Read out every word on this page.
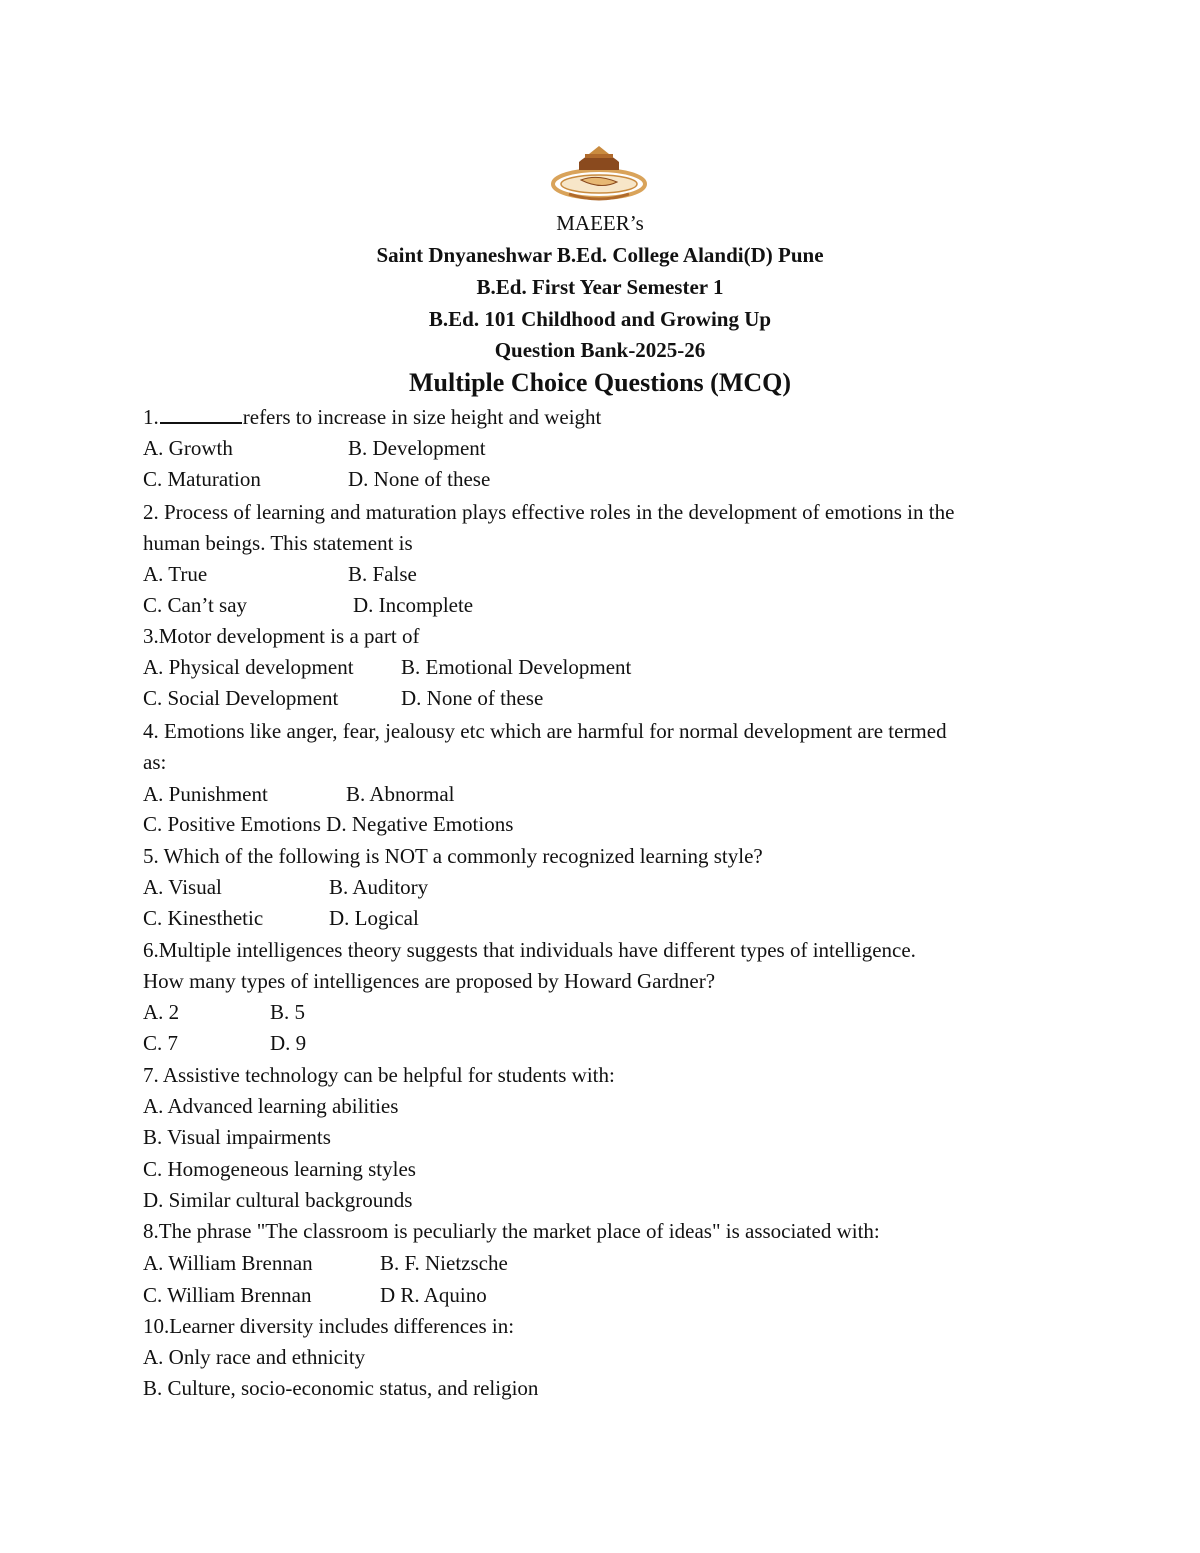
MAEER’s
Saint Dnyaneshwar B.Ed. College Alandi(D) Pune
B.Ed. First Year Semester 1
B.Ed. 101 Childhood and Growing Up
Question Bank-2025-26
Multiple Choice Questions (MCQ)
1.	refers to increase in size height and weight
A. Growth	B. Development
C. Maturation	D. None of these
2. Process of learning and maturation plays effective roles in the development of emotions in the
human beings. This statement is
A. True	B. False
C. Can’t say	D. Incomplete
3.Motor development is a part of
A. Physical development B. Emotional Development
C. Social Development	D. None of these
4. Emotions like anger, fear, jealousy etc which are harmful for normal development are termed
as:
A. Punishment	B. Abnormal
C. Positive Emotions D. Negative Emotions
5. Which of the following is NOT a commonly recognized learning style?
A. Visual	B. Auditory
C. Kinesthetic	D. Logical
6.Multiple intelligences theory suggests that individuals have different types of intelligence.
How many types of intelligences are proposed by Howard Gardner?
A. 2	B. 5
C. 7	D. 9
7. Assistive technology can be helpful for students with:
A. Advanced learning abilities
B. Visual impairments
C. Homogeneous learning styles
D. Similar cultural backgrounds
8.The phrase "The classroom is peculiarly the market place of ideas" is associated with:
A. William Brennan	B. F. Nietzsche
C. William Brennan	D R. Aquino
10.Learner diversity includes differences in:
A. Only race and ethnicity
B. Culture, socio-economic status, and religion
